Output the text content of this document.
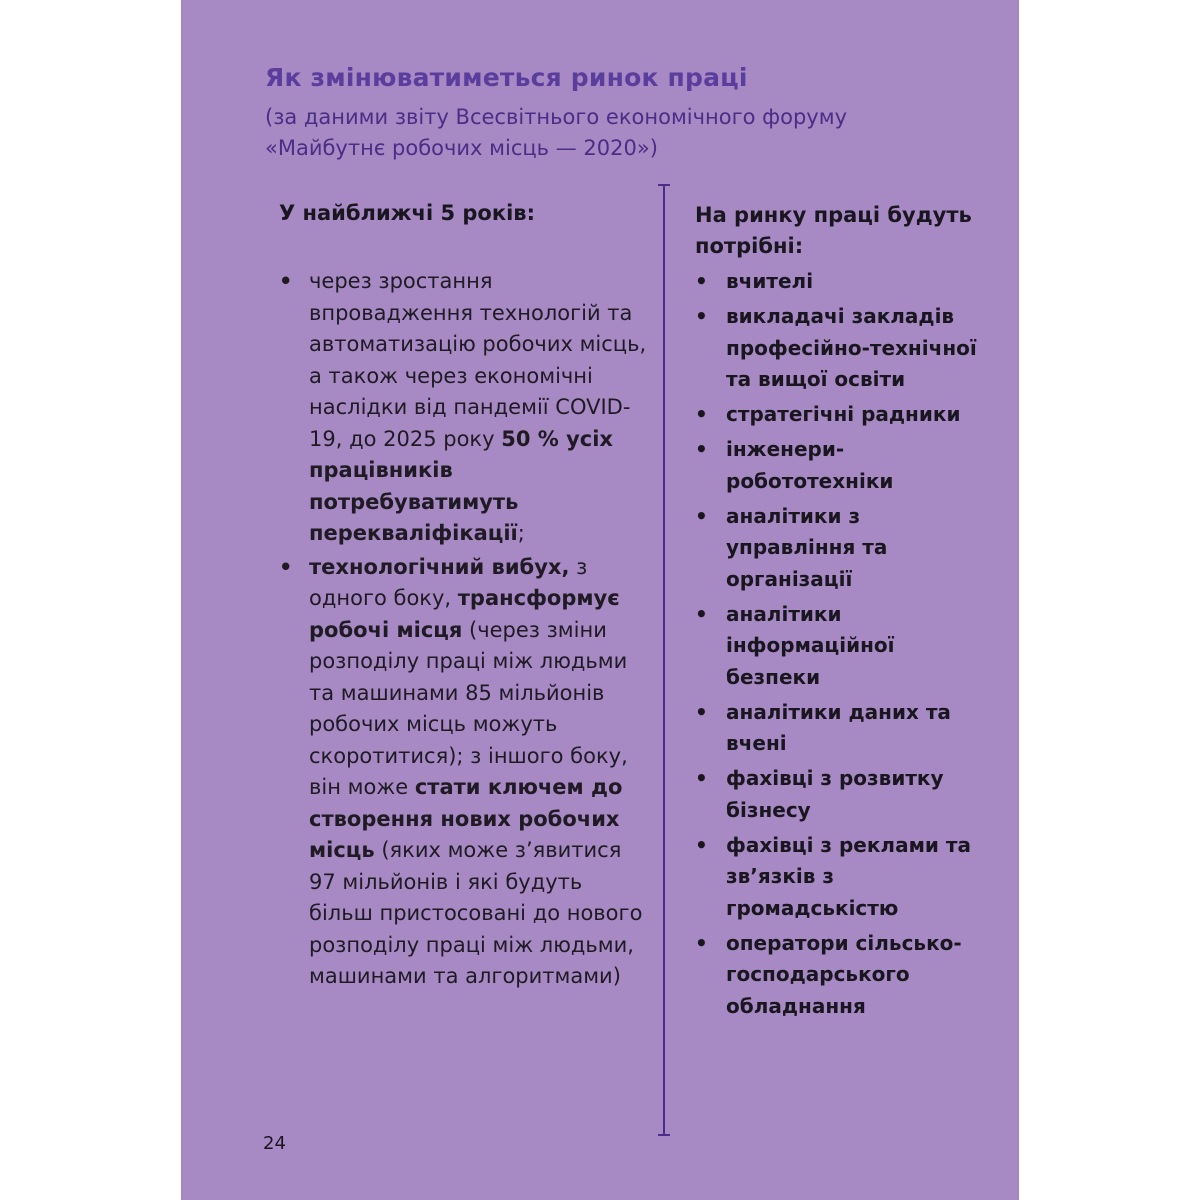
Як змінюватиметься ринок праці
(за даними звіту Всесвітнього економічного форуму «Майбутнє робочих місць — 2020»)
У найближчі 5 років:
• через зростання впровадження технологій та автоматизацію робочих місць, а також через економічні наслідки від пандемії COVID-19, до 2025 року 50 % усіх працівників потребуватимуть перекваліфікації;
• технологічний вибух, з одного боку, трансформує робочі місця (через зміни розподілу праці між людьми та машинами 85 мільйонів робочих місць можуть скоротитися); з іншого боку, він може стати ключем до створення нових робочих місць (яких може з’явитися 97 мільйонів і які будуть більш пристосовані до нового розподілу праці між людьми, машинами та алгоритмами)
На ринку праці будуть потрібні:
• вчителі
• викладачі закладів професійно-технічної та вищої освіти
• стратегічні радники
• інженери-робототехніки
• аналітики з управління та організації
• аналітики інформаційної безпеки
• аналітики даних та вчені
• фахівці з розвитку бізнесу
• фахівці з реклами та зв’язків з громадськістю
• оператори сільсько-господарського обладнання
24
